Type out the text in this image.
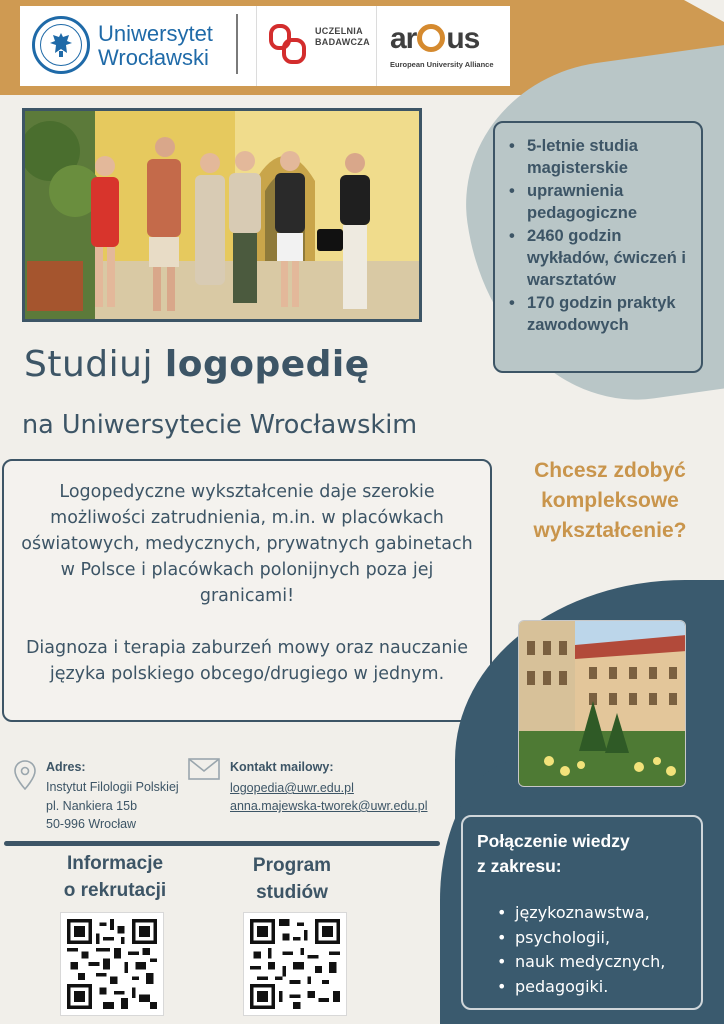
Uniwersytet
Wrocławski
UCZELNIA
BADAWCZA ar us
European University Alliance
• 5-letnie studia magisterskie
• uprawnienia pedagogiczne
• 2460 godzin wykładów, ćwiczeń i warsztatów
• 170 godzin praktyk zawodowych
Studiuj logopedię
na Uniwersytecie Wrocławskim

Logopedyczne wykształcenie daje szerokie możliwości zatrudnienia, m.in. w placówkach oświatowych, medycznych, prywatnych gabinetach w Polsce i placówkach polonijnych poza jej granicami!

Diagnoza i terapia zaburzeń mowy oraz nauczanie języka polskiego obcego/drugiego w jednym.

Chcesz zdobyć kompleksowe wykształcenie?
Adres:
Instytut Filologii Polskiej
pl. Nankiera 15b
50-996 Wrocław
Kontakt mailowy:
logopedia@uwr.edu.pl
anna.majewska-tworek@uwr.edu.pl
Informacje
o rekrutacji
Program
studiów
Połączenie wiedzy
z zakresu:
• językoznawstwa,
• psychologii,
• nauk medycznych,
• pedagogiki.
